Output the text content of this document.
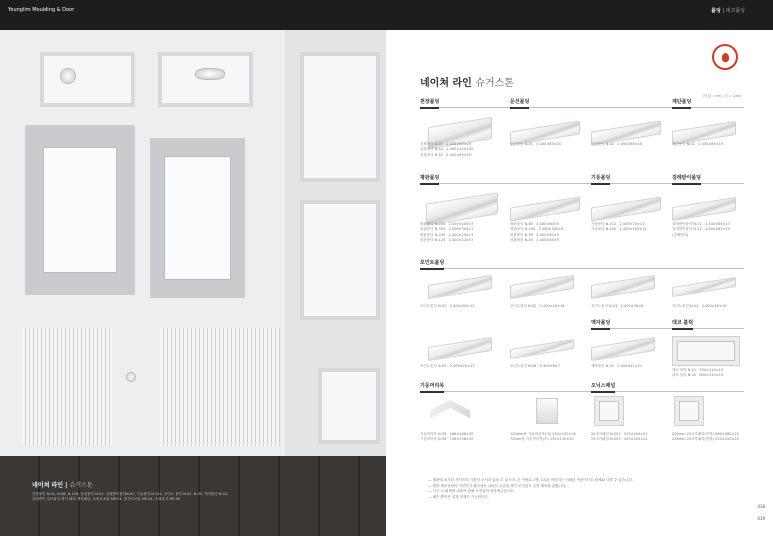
Younglim Moulding & Door	몰딩 | 데코몰딩
네이쳐 라인 | 슈거스톤
천장몰딩 N-01, N-06, N-106, 문선몰딩 N-01, 걸레받이몰딩N-01, 기둥몰딩 N-112, 포인트 몰딩 N-02, N-03, 액자몰딩 N-01,
걸레받이 일보몰딩 장식 패널 액자패널, 유럽표조판 MP-01, 장식로즈판 MP-04, 소형장식 MP-05
네이쳐 라인 슈거스톤
(단위 : mm / 본 = 1ea)
천장몰딩	문선몰딩	계단몰딩
천장몰딩 N-01   2,400×85×19
천장몰딩 N-44   2,400×110×32
천장몰딩 N-52   2,400×85×19
문선몰딩 N-01   2,400×85×15	문선몰딩 N-02   2,400×85×15	계단몰딩 N-01   2,400×85×15
평판몰딩	기둥몰딩	걸레받이몰딩
평판몰딩 N-200   2,400×200×7
평판몰딩 N-300   2,400×300×7
평판몰딩 N-250   2,400×250×7
평판몰딩 N-120   2,400×120×7
평판몰딩 N-60   2,400×60×9
평판몰딩 N-100   2,400×100×9
평판몰딩 N-90   2,400×90×9
평판몰딩 N-45   2,400×45×9
기둥몰딩 N-112   2,400×70×11
기둥몰딩 N-105   2,400×105×12
걸레받이몰딩 N-01   2,400×85×17
걸레받이몰딩 N-12   2,400×85×15
(걸레받이)
포인트몰딩
포인트몰딩 N-01   2,400×55×12	포인트몰딩 N-02   2,400×20×16	포인트몰딩 N-03   2,400×76×8	포인트몰딩 N-04   2,400×20×19
액자몰딩	데코 블럭
포인트몰딩 N-05   2,400×25×13	포인트몰딩 N-06   2,400×8×7	액자몰딩 N-01   2,400×41×21
데코 블럭 N-01   250×110×15
데코 블럭 N-02   600×110×15
기둥머리목	오닉스패널
기둥머리목 N-35   186×186×32
기둥머리목 N-36   138×138×32
100mm용 기둥머리목(대) 150×150×30
70mm용 기둥머리목(소) 132×132×30
20.5각패널 N-203   203×203×21
25.5각패널 N-203   203×203×21
200mm 25.5각패널(이방) 280×280×25
228mm 25.5각패널(이방) 220×220×25
— 제품에 표기된 사이즈의 가장자 모서리 있을 수 있으며, 본 카탈로그에 수록된 이미지는 인쇄된 색상이므로 원제와 다를 수 있습니다.
— 원하 제조현장의 이런인가 회사에서 나타인 요공을 배기 모인있으 주면 제작을 관합니다.
— 시공 시 회제에 대에서 관필 소현되어 엄하예주십시오.
— 궤은 뿐작은 설계 현제가 가능합니다.
418
419
